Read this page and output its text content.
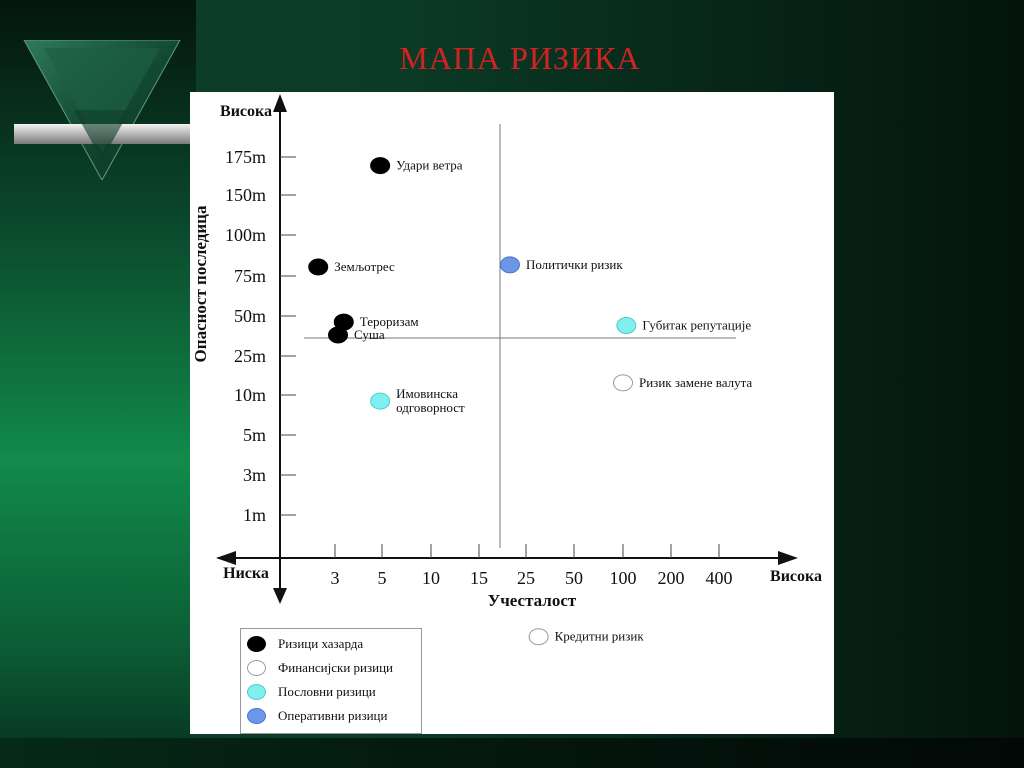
МАПА РИЗИКА
175m
150m
100m
75m
50m
25m
10m
5m
3m
1m
3 5 10 15 25 50 100 200 400
Висока
Ниска	Висока
Учесталост
Опасност последица	Тероризам
Удари ветра
Земљотрес
Суша
Имовинска одговорност
Губитак репутације
Политички ризик
Ризик замене валута
Кредитни ризик
Ризици хазарда
Финансијски ризици
Пословни ризици
Оперативни ризици
